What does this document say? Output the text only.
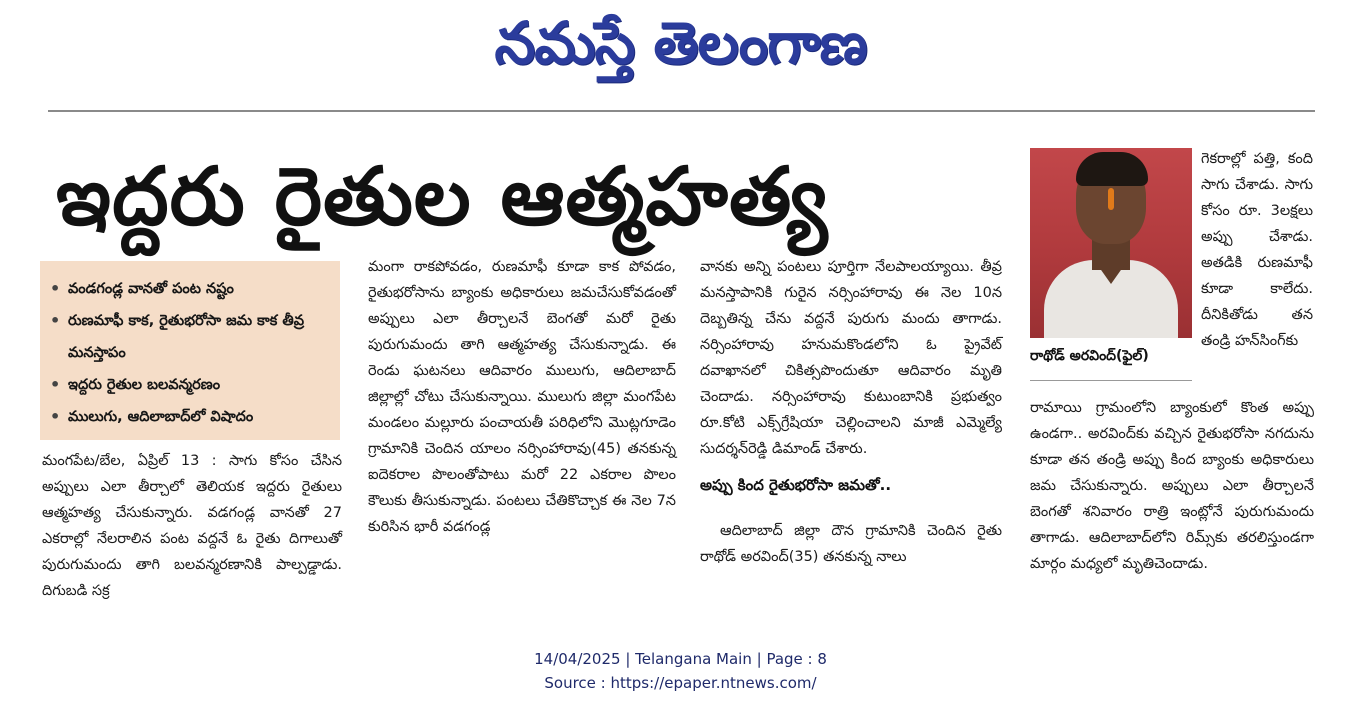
నమస్తే తెలంగాణ
ఇద్దరు రైతుల ఆత్మహత్య
• వండగండ్ల వానతో పంట నష్టం
• రుణమాఫీ కాక, రైతుభరోసా జమ కాక తీవ్ర మనస్తాపం
• ఇద్దరు రైతుల బలవన్మరణం
• ములుగు, ఆదిలాబాద్‌లో విషాదం

మంగపేట/బేల, ఏప్రిల్ 13 : సాగు కోసం చేసిన అప్పులు ఎలా తీర్చాలో తెలియక ఇద్దరు రైతులు ఆత్మహత్య చేసుకున్నారు. వడగండ్ల వానతో 27 ఎకరాల్లో నేలరాలిన పంట వద్దనే ఓ రైతు దిగాలుతో పురుగుమందు తాగి బలవన్మరణానికి పాల్పడ్డాడు. దిగుబడి సక్ర

మంగా రాకపోవడం, రుణమాఫీ కూడా కాక పోవడం, రైతుభరోసాను బ్యాంకు అధికారులు జమచేసుకోవడంతో అప్పులు ఎలా తీర్చాలనే బెంగతో మరో రైతు పురుగుమందు తాగి ఆత్మహత్య చేసుకున్నాడు. ఈ రెండు ఘటనలు ఆదివారం ములుగు, ఆదిలాబాద్ జిల్లాల్లో చోటు చేసుకున్నాయి. ములుగు జిల్లా మంగపేట మండలం మల్లూరు పంచాయతీ పరిధిలోని మొట్లగూడెం గ్రామానికి చెందిన యాలం నర్సింహారావు(45) తనకున్న ఐదెకరాల పొలంతోపాటు మరో 22 ఎకరాల పొలం కౌలుకు తీసుకున్నాడు. పంటలు చేతికొచ్చాక ఈ నెల 7న కురిసిన భారీ వడగండ్ల

వానకు అన్ని పంటలు పూర్తిగా నేలపాలయ్యాయి. తీవ్ర మనస్తాపానికి గురైన నర్సింహారావు ఈ నెల 10న దెబ్బతిన్న చేను వద్దనే పురుగు మందు తాగాడు. నర్సింహారావు హనుమకొండలోని ఓ ప్రైవేట్ దవాఖానలో చికిత్సపొందుతూ ఆదివారం మృతి చెందాడు. నర్సింహారావు కుటుంబానికి ప్రభుత్వం రూ.కోటి ఎక్స్‌గ్రేషియా చెల్లించాలని మాజీ ఎమ్మెల్యే సుదర్శన్‌రెడ్డి డిమాండ్ చేశారు.

అప్పు కింద రైతుభరోసా జమతో..

ఆదిలాబాద్ జిల్లా దౌన గ్రామానికి చెందిన రైతు రాథోడ్ అరవింద్(35) తనకున్న నాలు

రాథోడ్ అరవింద్(ఫైల్)

గెకరాల్లో పత్తి, కంది సాగు చేశాడు. సాగు కోసం రూ. 3లక్షలు అప్పు చేశాడు. అతడికి రుణమాఫీ కూడా కాలేదు. దీనికితోడు తన తండ్రి హన్‌సింగ్‌కు

రామాయి గ్రామంలోని బ్యాంకులో కొంత అప్పు ఉండగా.. అరవింద్‌కు వచ్చిన రైతుభరోసా నగదును కూడా తన తండ్రి అప్పు కింద బ్యాంకు అధికారులు జమ చేసుకున్నారు. అప్పులు ఎలా తీర్చాలనే బెంగతో శనివారం రాత్రి ఇంట్లోనే పురుగుమందు తాగాడు. ఆదిలాబాద్‌లోని రిమ్స్‌కు తరలిస్తుండగా మార్గం మధ్యలో మృతిచెందాడు.

14/04/2025 | Telangana Main | Page : 8
Source : https://epaper.ntnews.com/
